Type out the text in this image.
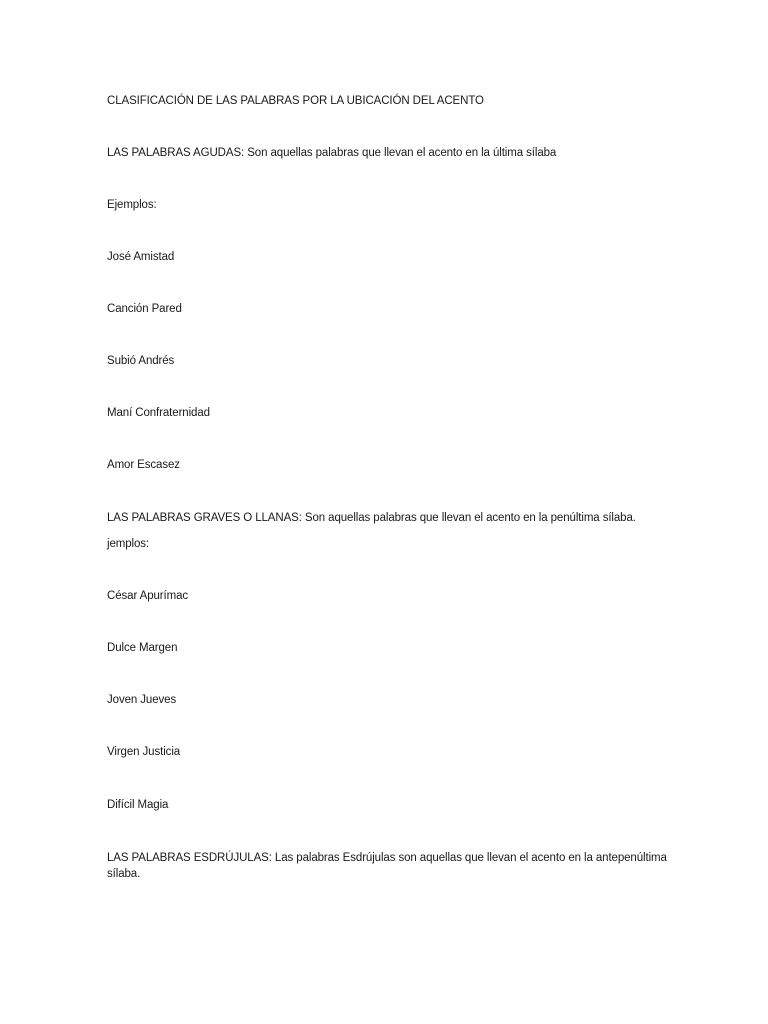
CLASIFICACIÓN DE LAS PALABRAS POR LA UBICACIÓN DEL ACENTO
LAS PALABRAS AGUDAS: Son aquellas palabras que llevan el acento en la última sílaba
Ejemplos:
José Amistad
Canción Pared
Subió Andrés
Maní Confraternidad
Amor Escasez
LAS PALABRAS GRAVES O LLANAS: Son aquellas palabras que llevan el acento en la penúltima sílaba.
jemplos:
César Apurímac
Dulce Margen
Joven Jueves
Virgen Justicia
Difícil Magia
LAS PALABRAS ESDRÚJULAS: Las palabras Esdrújulas son aquellas que llevan el acento en la antepenúltima sílaba.
